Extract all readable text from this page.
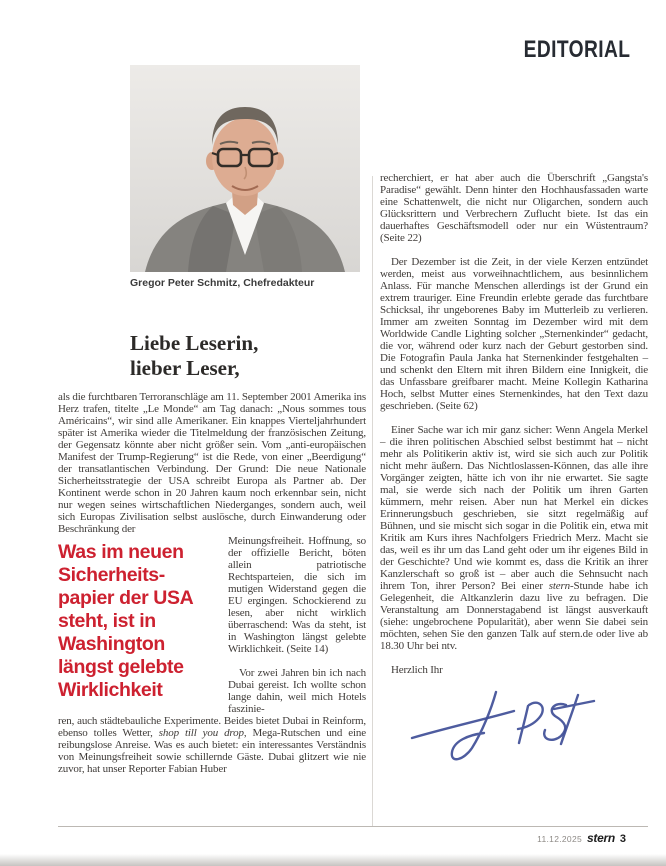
EDITORIAL
Gregor Peter Schmitz, Chefredakteur
Liebe Leserin,
lieber Leser,

als die furchtbaren Terroranschläge am 11. September 2001 Amerika ins Herz trafen, titelte „Le Monde“ am Tag danach: „Nous sommes tous Américains“, wir sind alle Amerikaner. Ein knappes Vierteljahrhundert später ist Amerika wieder die Titelmeldung der französischen Zeitung, der Gegensatz könnte aber nicht größer sein. Vom „anti-europäischen Manifest der Trump-Regierung“ ist die Rede, von einer „Beerdigung“ der transatlantischen Verbindung. Der Grund: Die neue Nationale Sicherheitsstrategie der USA schreibt Europa als Partner ab. Der Kontinent werde schon in 20 Jahren kaum noch erkennbar sein, nicht nur wegen seines wirtschaftlichen Niederganges, sondern auch, weil sich Europas Zivilisation selbst auslösche, durch Einwanderung oder Beschränkung der

Was im neuen
Sicherheits-
papier der USA
steht, ist in
Washington
längst gelebte
Wirklichkeit

Meinungsfreiheit. Hoffnung, so der offizielle Bericht, böten allein patriotische Rechtsparteien, die sich im mutigen Widerstand gegen die EU ergingen. Schockierend zu lesen, aber nicht wirklich überraschend: Was da steht, ist in Washington längst gelebte Wirklichkeit. (Seite 14)

Vor zwei Jahren bin ich nach Dubai gereist. Ich wollte schon lange dahin, weil mich Hotels faszinie-

ren, auch städtebauliche Experimente. Beides bietet Dubai in Reinform, ebenso tolles Wetter, shop till you drop, Mega-Rutschen und eine reibungslose Anreise. Was es auch bietet: ein interessantes Verständnis von Meinungsfreiheit sowie schillernde Gäste. Dubai glitzert wie nie zuvor, hat unser Reporter Fabian Huber

recherchiert, er hat aber auch die Überschrift „Gangsta's Paradise“ gewählt. Denn hinter den Hochhausfassaden warte eine Schattenwelt, die nicht nur Oligarchen, sondern auch Glücksrittern und Verbrechern Zuflucht biete. Ist das ein dauerhaftes Geschäftsmodell oder nur ein Wüstentraum? (Seite 22)

Der Dezember ist die Zeit, in der viele Kerzen entzündet werden, meist aus vorweihnachtlichem, aus besinnlichem Anlass. Für manche Menschen allerdings ist der Grund ein extrem trauriger. Eine Freundin erlebte gerade das furchtbare Schicksal, ihr ungeborenes Baby im Mutterleib zu verlieren. Immer am zweiten Sonntag im Dezember wird mit dem Worldwide Candle Lighting solcher „Sternenkinder“ gedacht, die vor, während oder kurz nach der Geburt gestorben sind. Die Fotografin Paula Janka hat Sternenkinder festgehalten – und schenkt den Eltern mit ihren Bildern eine Innigkeit, die das Unfassbare greifbarer macht. Meine Kollegin Katharina Hoch, selbst Mutter eines Sternenkindes, hat den Text dazu geschrieben. (Seite 62)

Einer Sache war ich mir ganz sicher: Wenn Angela Merkel – die ihren politischen Abschied selbst bestimmt hat – nicht mehr als Politikerin aktiv ist, wird sie sich auch zur Politik nicht mehr äußern. Das Nichtloslassen-Können, das alle ihre Vorgänger zeigten, hätte ich von ihr nie erwartet. Sie sagte mal, sie werde sich nach der Politik um ihren Garten kümmern, mehr reisen. Aber nun hat Merkel ein dickes Erinnerungsbuch geschrieben, sie sitzt regelmäßig auf Bühnen, und sie mischt sich sogar in die Politik ein, etwa mit Kritik am Kurs ihres Nachfolgers Friedrich Merz. Macht sie das, weil es ihr um das Land geht oder um ihr eigenes Bild in der Geschichte? Und wie kommt es, dass die Kritik an ihrer Kanzlerschaft so groß ist – aber auch die Sehnsucht nach ihrem Ton, ihrer Person? Bei einer stern-Stunde habe ich Gelegenheit, die Altkanzlerin dazu live zu befragen. Die Veranstaltung am Donnerstagabend ist längst ausverkauft (siehe: ungebrochene Popularität), aber wenn Sie dabei sein möchten, sehen Sie den ganzen Talk auf stern.de oder live ab 18.30 Uhr bei ntv.

Herzlich Ihr

11.12.2025 stern 3
